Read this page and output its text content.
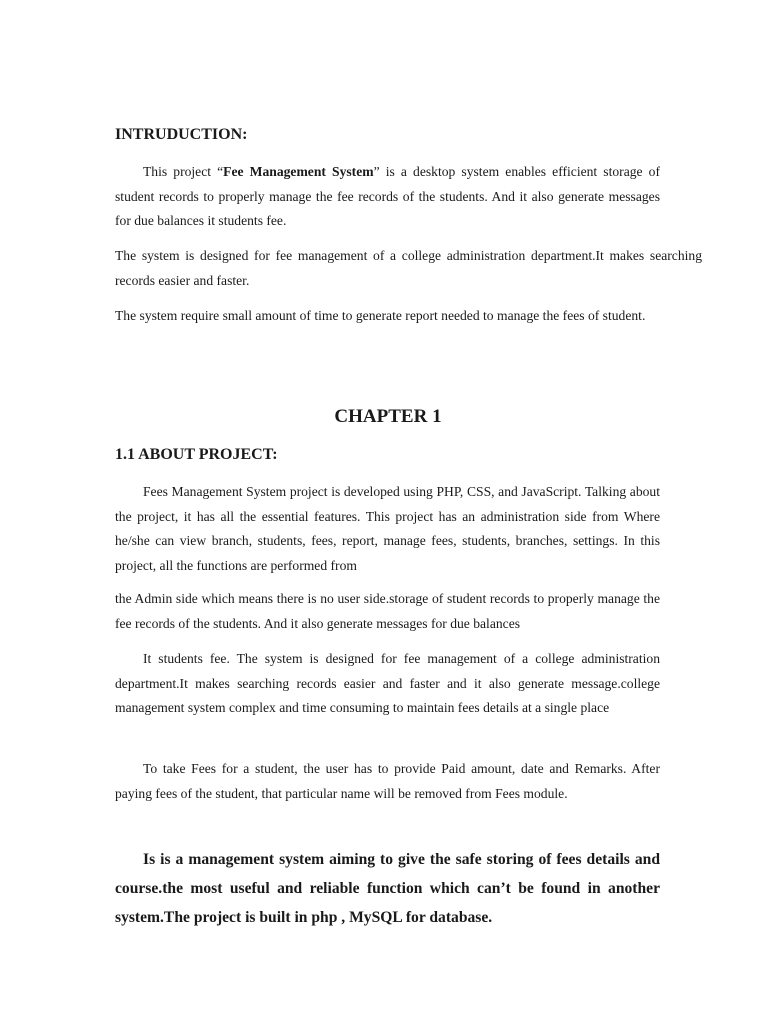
INTRUDUCTION:

This project “Fee Management System” is a desktop system enables efficient storage of student records to properly manage the fee records of the students. And it also generate messages for due balances it students fee.

The system is designed for fee management of a college administration department.It makes searching records easier and faster.

The system require small amount of time to generate report needed to manage the fees of student.

CHAPTER 1
1.1 ABOUT PROJECT:

Fees Management System project is developed using PHP, CSS, and JavaScript. Talking about the project, it has all the essential features. This project has an administration side from Where he/she can view branch, students, fees, report, manage fees, students, branches, settings. In this project, all the functions are performed from

the Admin side which means there is no user side.storage of student records to properly manage the fee records of the students. And it also generate messages for due balances

It students fee. The system is designed for fee management of a college administration department.It makes searching records easier and faster and it also generate message.college management system complex and time consuming to maintain fees details at a single place

To take Fees for a student, the user has to provide Paid amount, date and Remarks. After paying fees of the student, that particular name will be removed from Fees module.

Is is a management system aiming to give the safe storing of fees details and course.the most useful and reliable function which can’t be found in another system.The project is built in php , MySQL for database.
